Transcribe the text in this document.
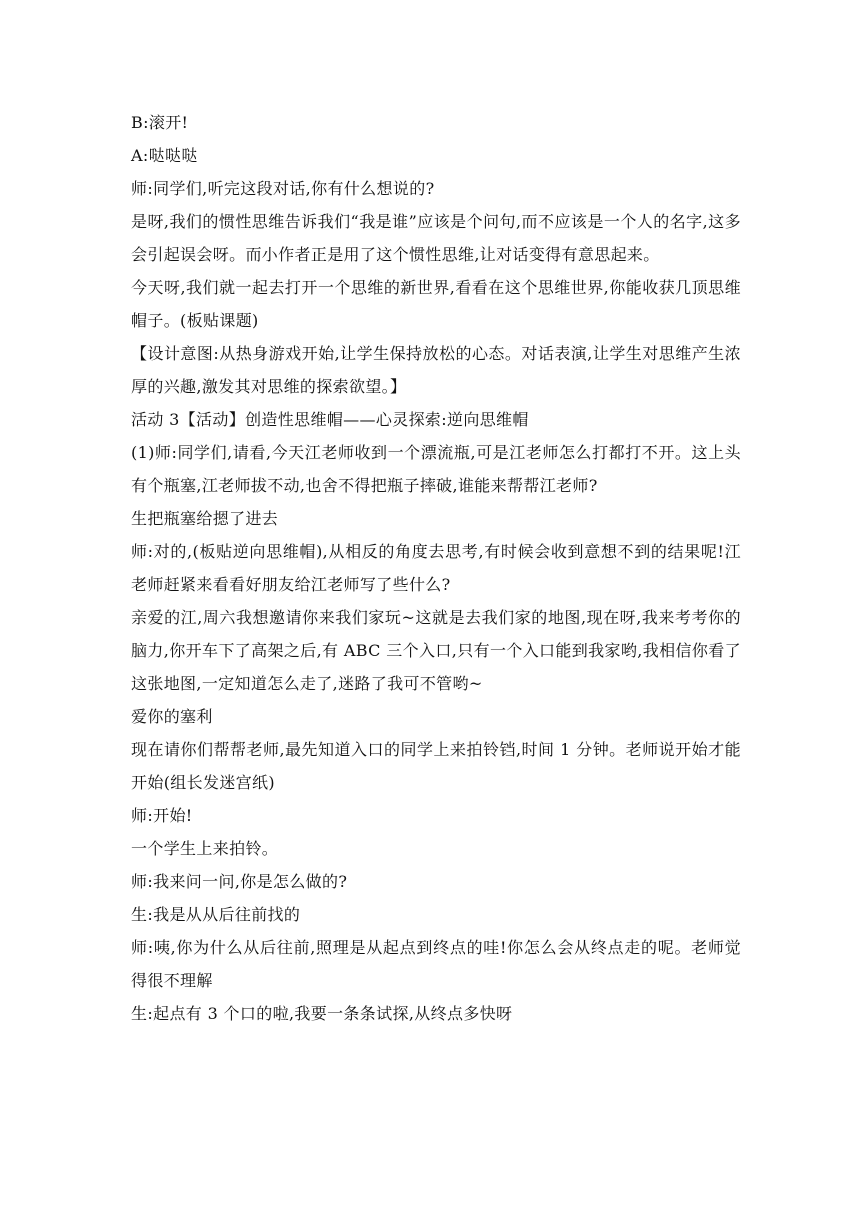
B:滚开!

A:哒哒哒

师:同学们,听完这段对话,你有什么想说的?

是呀,我们的惯性思维告诉我们“我是谁”应该是个问句,而不应该是一个人的名字,这多会引起误会呀。而小作者正是用了这个惯性思维,让对话变得有意思起来。

今天呀,我们就一起去打开一个思维的新世界,看看在这个思维世界,你能收获几顶思维帽子。(板贴课题)

【设计意图:从热身游戏开始,让学生保持放松的心态。对话表演,让学生对思维产生浓厚的兴趣,激发其对思维的探索欲望。】

活动 3【活动】创造性思维帽——心灵探索:逆向思维帽

(1)师:同学们,请看,今天江老师收到一个漂流瓶,可是江老师怎么打都打不开。这上头有个瓶塞,江老师拔不动,也舍不得把瓶子摔破,谁能来帮帮江老师?

生把瓶塞给摁了进去

师:对的,(板贴逆向思维帽),从相反的角度去思考,有时候会收到意想不到的结果呢!江老师赶紧来看看好朋友给江老师写了些什么?

亲爱的江,周六我想邀请你来我们家玩~这就是去我们家的地图,现在呀,我来考考你的脑力,你开车下了高架之后,有 ABC 三个入口,只有一个入口能到我家哟,我相信你看了这张地图,一定知道怎么走了,迷路了我可不管哟~

爱你的塞利

现在请你们帮帮老师,最先知道入口的同学上来拍铃铛,时间 1 分钟。老师说开始才能开始(组长发迷宫纸)

师:开始!

一个学生上来拍铃。

师:我来问一问,你是怎么做的?

生:我是从从后往前找的

师:咦,你为什么从后往前,照理是从起点到终点的哇!你怎么会从终点走的呢。老师觉得很不理解

生:起点有 3 个口的啦,我要一条条试探,从终点多快呀
